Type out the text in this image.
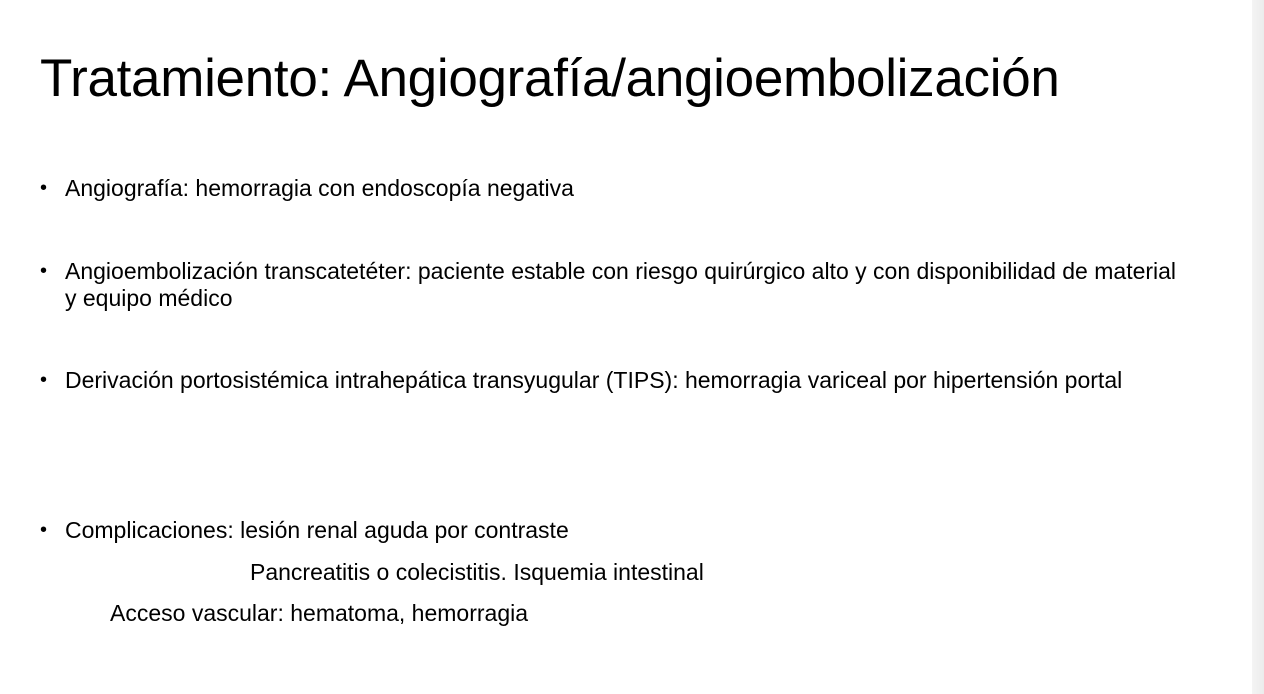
Tratamiento: Angiografía/angioembolización
• Angiografía: hemorragia con endoscopía negativa
• Angioembolización transcatetéter: paciente estable con riesgo quirúrgico alto y con disponibilidad de material y equipo médico
• Derivación portosistémica intrahepática transyugular (TIPS): hemorragia variceal por hipertensión portal
• Complicaciones: lesión renal aguda por contraste
Pancreatitis o colecistitis. Isquemia intestinal
Acceso vascular: hematoma, hemorragia
